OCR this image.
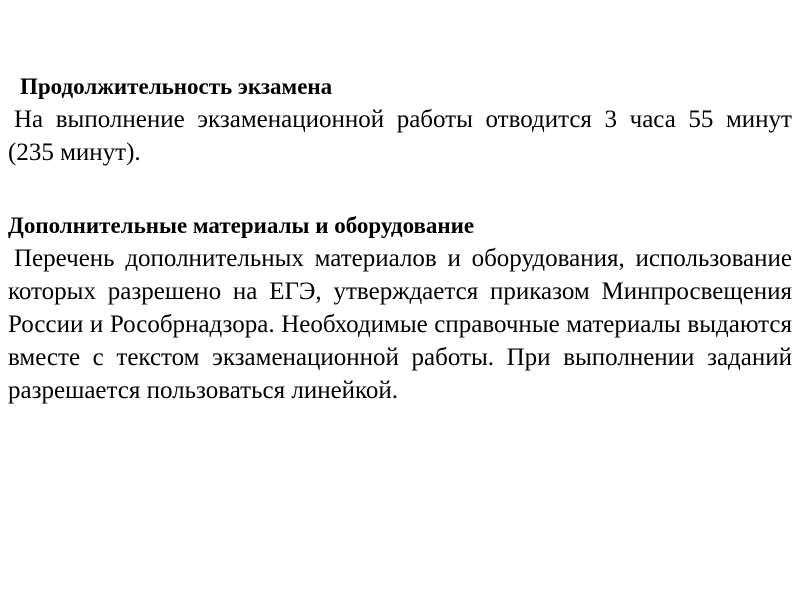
Продолжительность экзамена

На выполнение экзаменационной работы отводится 3 часа 55 минут (235 минут).

Дополнительные материалы и оборудование

Перечень дополнительных материалов и оборудования, использование которых разрешено на ЕГЭ, утверждается приказом Минпросвещения России и Рособрнадзора. Необходимые справочные материалы выдаются вместе с текстом экзаменационной работы. При выполнении заданий разрешается пользоваться линейкой.
